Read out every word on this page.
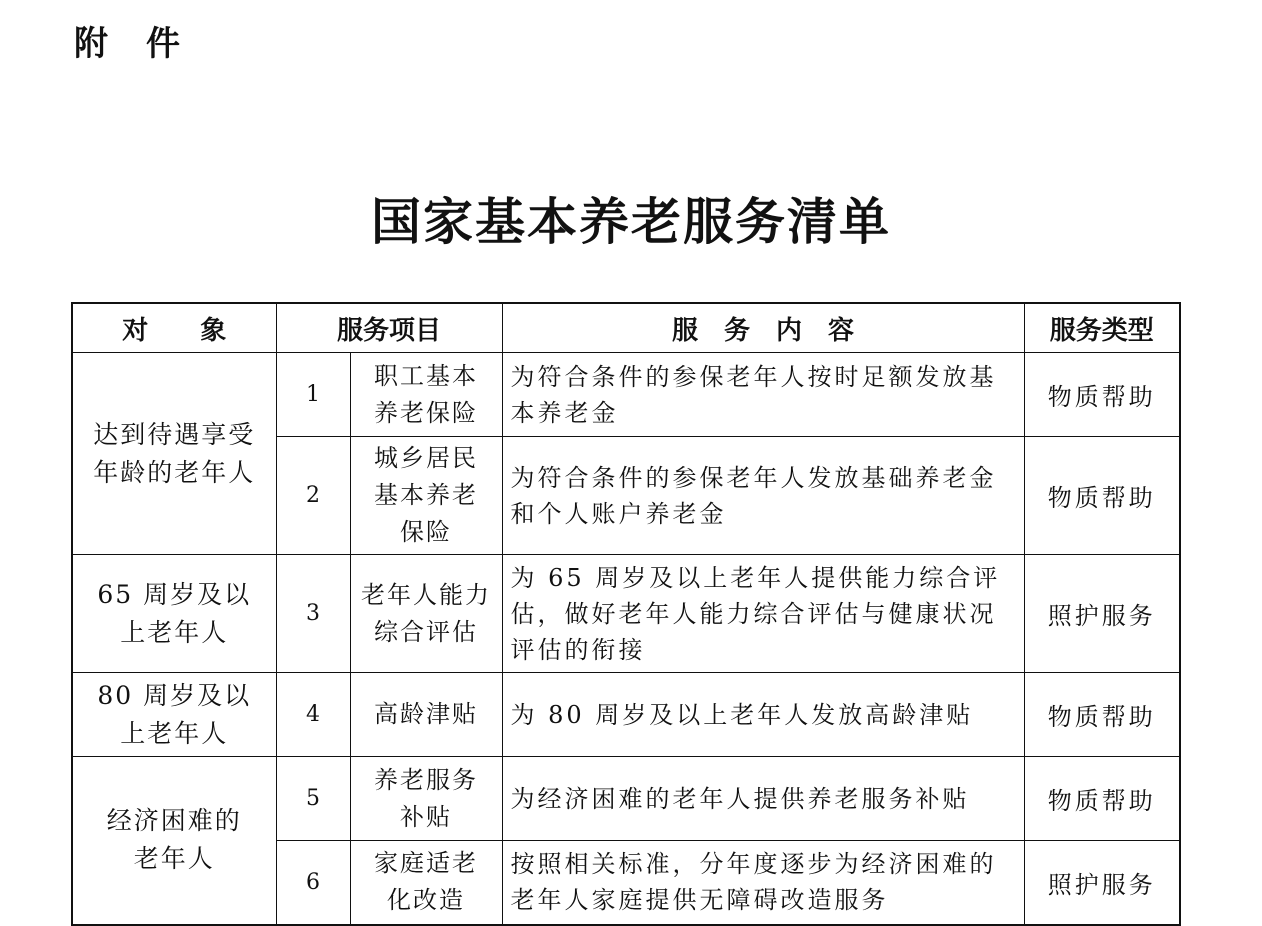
附件
国家基本养老服务清单
对　　象	服务项目		服　务　内　容	服务类型
达到待遇享受年龄的老年人	1	职工基本养老保险	为符合条件的参保老年人按时足额发放基本养老金	物质帮助
	2	城乡居民基本养老保险	为符合条件的参保老年人发放基础养老金和个人账户养老金	物质帮助
65 周岁及以上老年人	3	老年人能力综合评估	为 65 周岁及以上老年人提供能力综合评估，做好老年人能力综合评估与健康状况评估的衔接	照护服务
80 周岁及以上老年人	4	高龄津贴	为 80 周岁及以上老年人发放高龄津贴	物质帮助
经济困难的老年人	5	养老服务补贴	为经济困难的老年人提供养老服务补贴	物质帮助
	6	家庭适老化改造	按照相关标准，分年度逐步为经济困难的老年人家庭提供无障碍改造服务	照护服务
